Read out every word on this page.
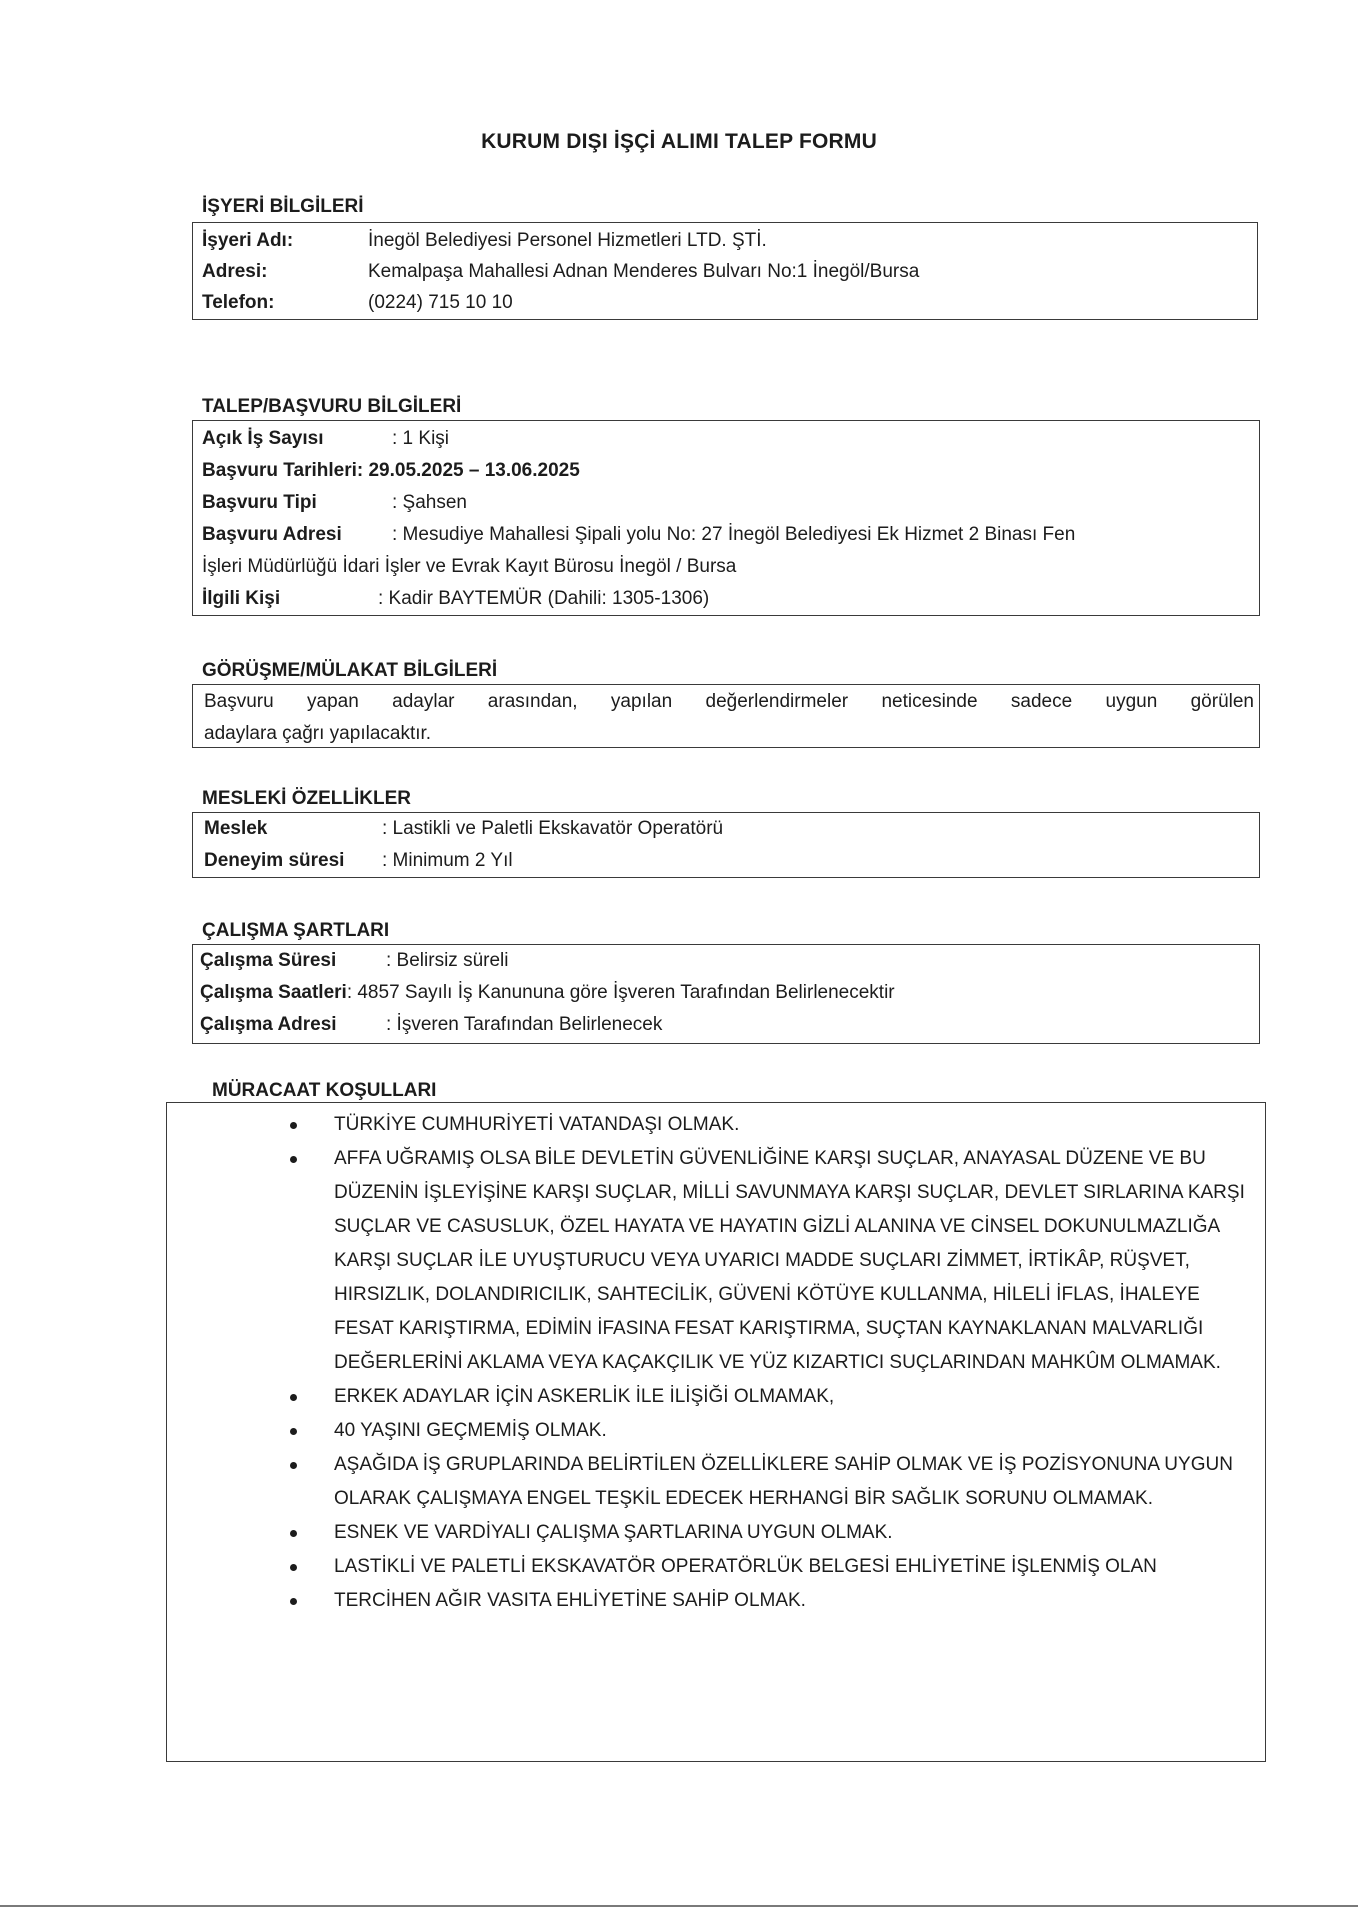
KURUM DIŞI İŞÇİ ALIMI TALEP FORMU
İŞYERİ BİLGİLERİ
İşyeri Adı:	İnegöl Belediyesi Personel Hizmetleri LTD. ŞTİ.
Adresi:	Kemalpaşa Mahallesi Adnan Menderes Bulvarı No:1 İnegöl/Bursa
Telefon:	(0224) 715 10 10
TALEP/BAŞVURU BİLGİLERİ
Açık İş Sayısı	: 1 Kişi
Başvuru Tarihleri: 29.05.2025 – 13.06.2025
Başvuru Tipi	: Şahsen
Başvuru Adresi	: Mesudiye Mahallesi Şipali yolu No: 27 İnegöl Belediyesi Ek Hizmet 2 Binası Fen
İşleri Müdürlüğü İdari İşler ve Evrak Kayıt Bürosu İnegöl / Bursa
İlgili Kişi	: Kadir BAYTEMÜR (Dahili: 1305-1306)
GÖRÜŞME/MÜLAKAT BİLGİLERİ
Başvuru yapan adaylar arasından, yapılan değerlendirmeler neticesinde sadece uygun görülen
adaylara çağrı yapılacaktır.
MESLEKİ ÖZELLİKLER
Meslek	: Lastikli ve Paletli Ekskavatör Operatörü
Deneyim süresi : Minimum 2 Yıl
ÇALIŞMA ŞARTLARI
Çalışma Süresi	: Belirsiz süreli
Çalışma Saatleri: 4857 Sayılı İş Kanununa göre İşveren Tarafından Belirlenecektir
Çalışma Adresi	: İşveren Tarafından Belirlenecek
MÜRACAAT KOŞULLARI
TÜRKİYE CUMHURİYETİ VATANDAŞI OLMAK.
AFFA UĞRAMIŞ OLSA BİLE DEVLETİN GÜVENLİĞİNE KARŞI SUÇLAR, ANAYASAL DÜZENE VE BU DÜZENİN İŞLEYİŞİNE KARŞI SUÇLAR, MİLLİ SAVUNMAYA KARŞI SUÇLAR, DEVLET SIRLARINA KARŞI SUÇLAR VE CASUSLUK, ÖZEL HAYATA VE HAYATIN GİZLİ ALANINA VE CİNSEL DOKUNULMAZLIĞA KARŞI SUÇLAR İLE UYUŞTURUCU VEYA UYARICI MADDE SUÇLARI ZİMMET, İRTİKÂP, RÜŞVET, HIRSIZLIK, DOLANDIRICILIK, SAHTECİLİK, GÜVENİ KÖTÜYE KULLANMA, HİLELİ İFLAS, İHALEYE FESAT KARIŞTIRMA, EDİMİN İFASINA FESAT KARIŞTIRMA, SUÇTAN KAYNAKLANAN MALVARLIĞI DEĞERLERİNİ AKLAMA VEYA KAÇAKÇILIK VE YÜZ KIZARTICI SUÇLARINDAN MAHKÛM OLMAMAK.
ERKEK ADAYLAR İÇİN ASKERLİK İLE İLİŞİĞİ OLMAMAK,
40 YAŞINI GEÇMEMİŞ OLMAK.
AŞAĞIDA İŞ GRUPLARINDA BELİRTİLEN ÖZELLİKLERE SAHİP OLMAK VE İŞ POZİSYONUNA UYGUN OLARAK ÇALIŞMAYA ENGEL TEŞKİL EDECEK HERHANGİ BİR SAĞLIK SORUNU OLMAMAK.
ESNEK VE VARDİYALI ÇALIŞMA ŞARTLARINA UYGUN OLMAK.
LASTİKLİ VE PALETLİ EKSKAVATÖR OPERATÖRLÜK BELGESİ EHLİYETİNE İŞLENMİŞ OLAN
TERCİHEN AĞIR VASITA EHLİYETİNE SAHİP OLMAK.
